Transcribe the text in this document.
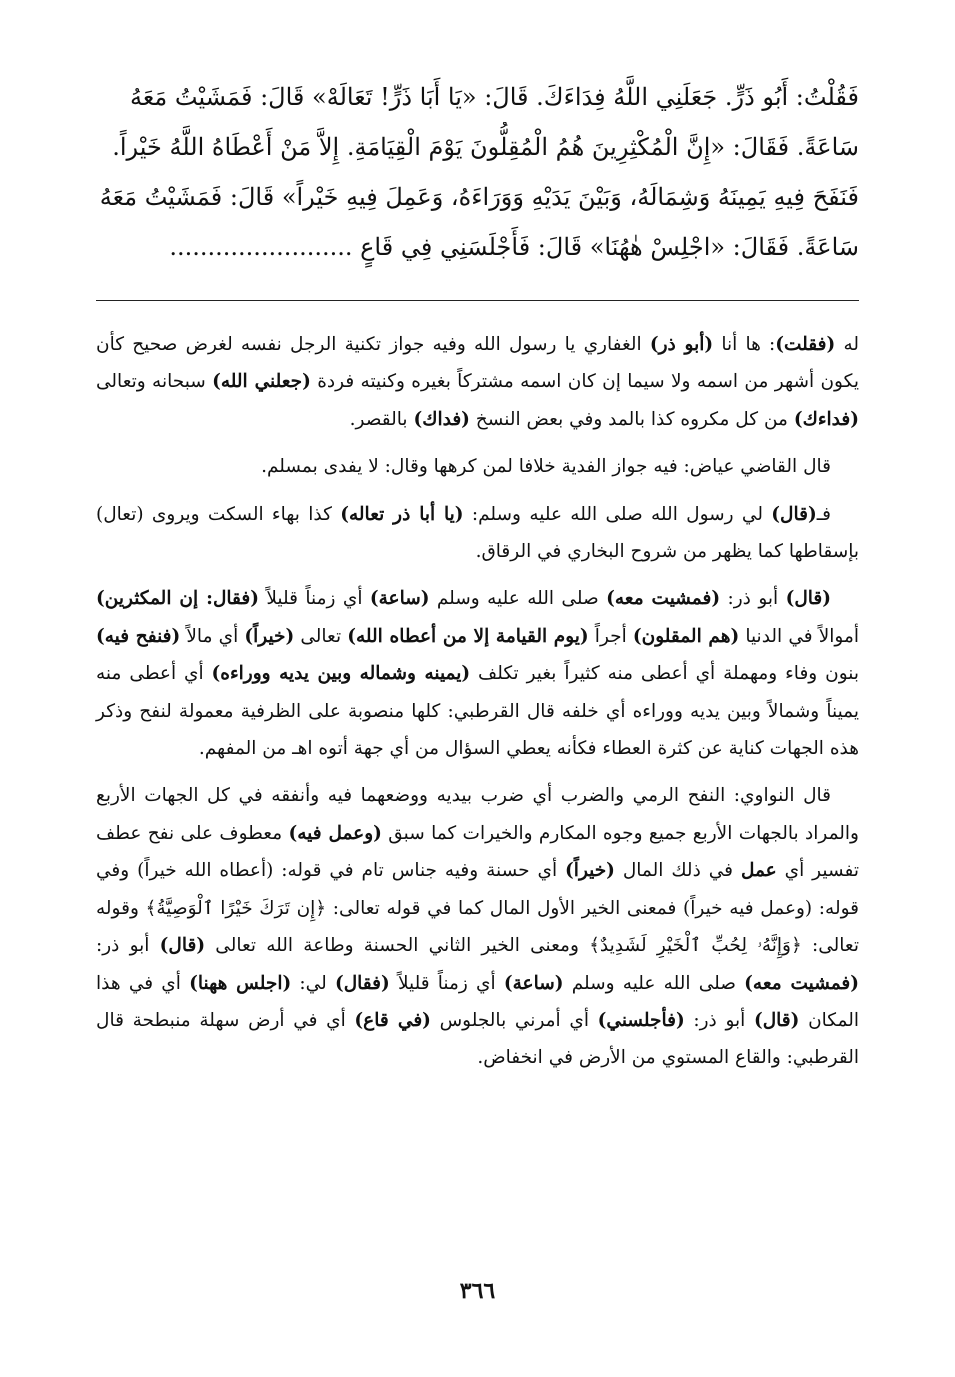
فَقُلْتُ: أَبُو ذَرٍّ. جَعَلَنِي اللَّهُ فِدَاءَكَ. قَالَ: «يَا أَبَا ذَرٍّ! تَعَالَهْ» قَالَ: فَمَشَيْتُ مَعَهُ
سَاعَةً. فَقَالَ: «إِنَّ الْمُكْثِرِينَ هُمُ الْمُقِلُّونَ يَوْمَ الْقِيَامَةِ. إِلاَّ مَنْ أَعْطَاهُ اللَّهُ خَيْراً.
فَنَفَحَ فِيهِ يَمِينَهُ وَشِمَالَهُ، وَبَيْنَ يَدَيْهِ وَوَرَاءَهُ، وَعَمِلَ فِيهِ خَيْراً» قَالَ: فَمَشَيْتُ مَعَهُ
سَاعَةً. فَقَالَ: «اجْلِسْ هٰهُنَا» قَالَ: فَأَجْلَسَنِي فِي قَاعٍ ........................

له (فقلت): ها أنا (أبو ذر) الغفاري يا رسول الله وفيه جواز تكنية الرجل نفسه لغرض صحيح كأن يكون أشهر من اسمه ولا سيما إن كان اسمه مشتركاً بغيره وكنيته فردة (جعلني الله) سبحانه وتعالى (فداءك) من كل مكروه كذا بالمد وفي بعض النسخ (فداك) بالقصر.

قال القاضي عياض: فيه جواز الفدية خلافا لمن كرهها وقال: لا يفدى بمسلم.

فـ(قال) لي رسول الله صلى الله عليه وسلم: (يا أبا ذر تعاله) كذا بهاء السكت ويروى (تعال) بإسقاطها كما يظهر من شروح البخاري في الرقاق.

(قال) أبو ذر: (فمشيت معه) صلى الله عليه وسلم (ساعة) أي زمناً قليلاً (فقال: إن المكثرين) أموالاً في الدنيا (هم المقلون) أجراً (يوم القيامة إلا من أعطاه الله) تعالى (خيراً) أي مالاً (فنفح فيه) بنون وفاء ومهملة أي أعطى منه كثيراً بغير تكلف (يمينه وشماله وبين يديه ووراءه) أي أعطى منه يميناً وشمالاً وبين يديه ووراءه أي خلفه قال القرطبي: كلها منصوبة على الظرفية معمولة لنفح وذكر هذه الجهات كناية عن كثرة العطاء فكأنه يعطي السؤال من أي جهة أتوه اهـ من المفهم.

قال النواوي: النفح الرمي والضرب أي ضرب بيديه ووضعهما فيه وأنفقه في كل الجهات الأربع والمراد بالجهات الأربع جميع وجوه المكارم والخيرات كما سبق (وعمل فيه) معطوف على نفح عطف تفسير أي عمل في ذلك المال (خيراً) أي حسنة وفيه جناس تام في قوله: (أعطاه الله خيراً) وفي قوله: (وعمل فيه خيراً) فمعنى الخير الأول المال كما في قوله تعالى: ﴿إِن تَرَكَ خَيْرًا ٱلْوَصِيَّةُ﴾ وقوله تعالى: ﴿وَإِنَّهُۥ لِحُبِّ ٱلْخَيْرِ لَشَدِيدٌ﴾ ومعنى الخير الثاني الحسنة وطاعة الله تعالى (قال) أبو ذر: (فمشيت معه) صلى الله عليه وسلم (ساعة) أي زمناً قليلاً (فقال) لي: (اجلس ههنا) أي في هذا المكان (قال) أبو ذر: (فأجلسني) أي أمرني بالجلوس (في قاع) أي في أرض سهلة منبطحة قال القرطبي: والقاع المستوي من الأرض في انخفاض.

٣٦٦
